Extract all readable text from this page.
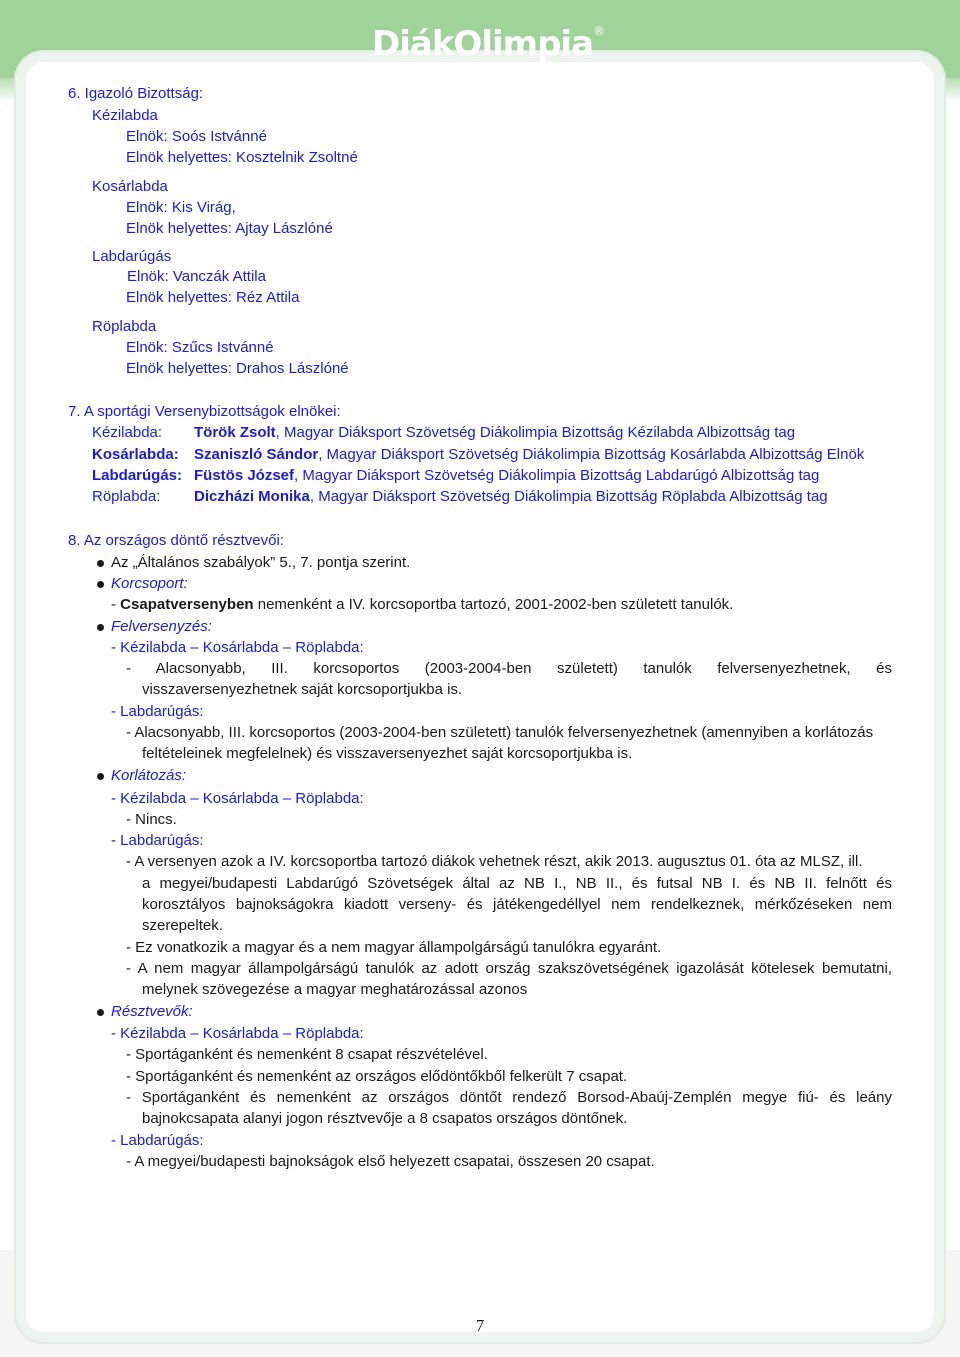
DiákOlimpia®
6. Igazoló Bizottság:
Kézilabda
Elnök: Soós Istvánné
Elnök helyettes: Kosztelnik Zsoltné
Kosárlabda
Elnök: Kis Virág,
Elnök helyettes: Ajtay Lászlóné
Labdarúgás
Elnök: Vanczák Attila
Elnök helyettes: Réz Attila
Röplabda
Elnök: Szűcs Istvánné
Elnök helyettes: Drahos Lászlóné
7. A sportági Versenybizottságok elnökei:
Kézilabda: Török Zsolt, Magyar Diáksport Szövetség Diákolimpia Bizottság Kézilabda Albizottság tag
Kosárlabda: Szaniszló Sándor, Magyar Diáksport Szövetség Diákolimpia Bizottság Kosárlabda Albizottság Elnök
Labdarúgás: Füstös József, Magyar Diáksport Szövetség Diákolimpia Bizottság Labdarúgó Albizottság tag
Röplabda: Diczházi Monika, Magyar Diáksport Szövetség Diákolimpia Bizottság Röplabda Albizottság tag
8. Az országos döntő résztvevői:
Az „Általános szabályok” 5., 7. pontja szerint.
Korcsoport:
- Csapatversenyben nemenként a IV. korcsoportba tartozó, 2001-2002-ben született tanulók.
Felversenyzés:
- Kézilabda – Kosárlabda – Röplabda:
- Alacsonyabb, III. korcsoportos (2003-2004-ben született) tanulók felversenyezhetnek, és
visszaversenyezhetnek saját korcsoportjukba is.
- Labdarúgás:
- Alacsonyabb, III. korcsoportos (2003-2004-ben született) tanulók felversenyezhetnek (amennyiben a korlátozás
feltételeinek megfelelnek) és visszaversenyezhet saját korcsoportjukba is.
Korlátozás:
- Kézilabda – Kosárlabda – Röplabda:
- Nincs.
- Labdarúgás:
- A versenyen azok a IV. korcsoportba tartozó diákok vehetnek részt, akik 2013. augusztus 01. óta az MLSZ, ill.
a megyei/budapesti Labdarúgó Szövetségek által az NB I., NB II., és futsal NB I. és NB II. felnőtt és
korosztályos bajnokságokra kiadott verseny- és játékengedéllyel nem rendelkeznek, mérkőzéseken nem
szerepeltek.
- Ez vonatkozik a magyar és a nem magyar állampolgárságú tanulókra egyaránt.
- A nem magyar állampolgárságú tanulók az adott ország szakszövetségének igazolását kötelesek bemutatni,
melynek szövegezése a magyar meghatározással azonos
Résztvevők:
- Kézilabda – Kosárlabda – Röplabda:
- Sportáganként és nemenként 8 csapat részvételével.
- Sportáganként és nemenként az országos elődöntőkből felkerült 7 csapat.
- Sportáganként és nemenként az országos döntőt rendező Borsod-Abaúj-Zemplén megye fiú- és leány
bajnokcsapata alanyi jogon résztvevője a 8 csapatos országos döntőnek.
- Labdarúgás:
- A megyei/budapesti bajnokságok első helyezett csapatai, összesen 20 csapat.
7
